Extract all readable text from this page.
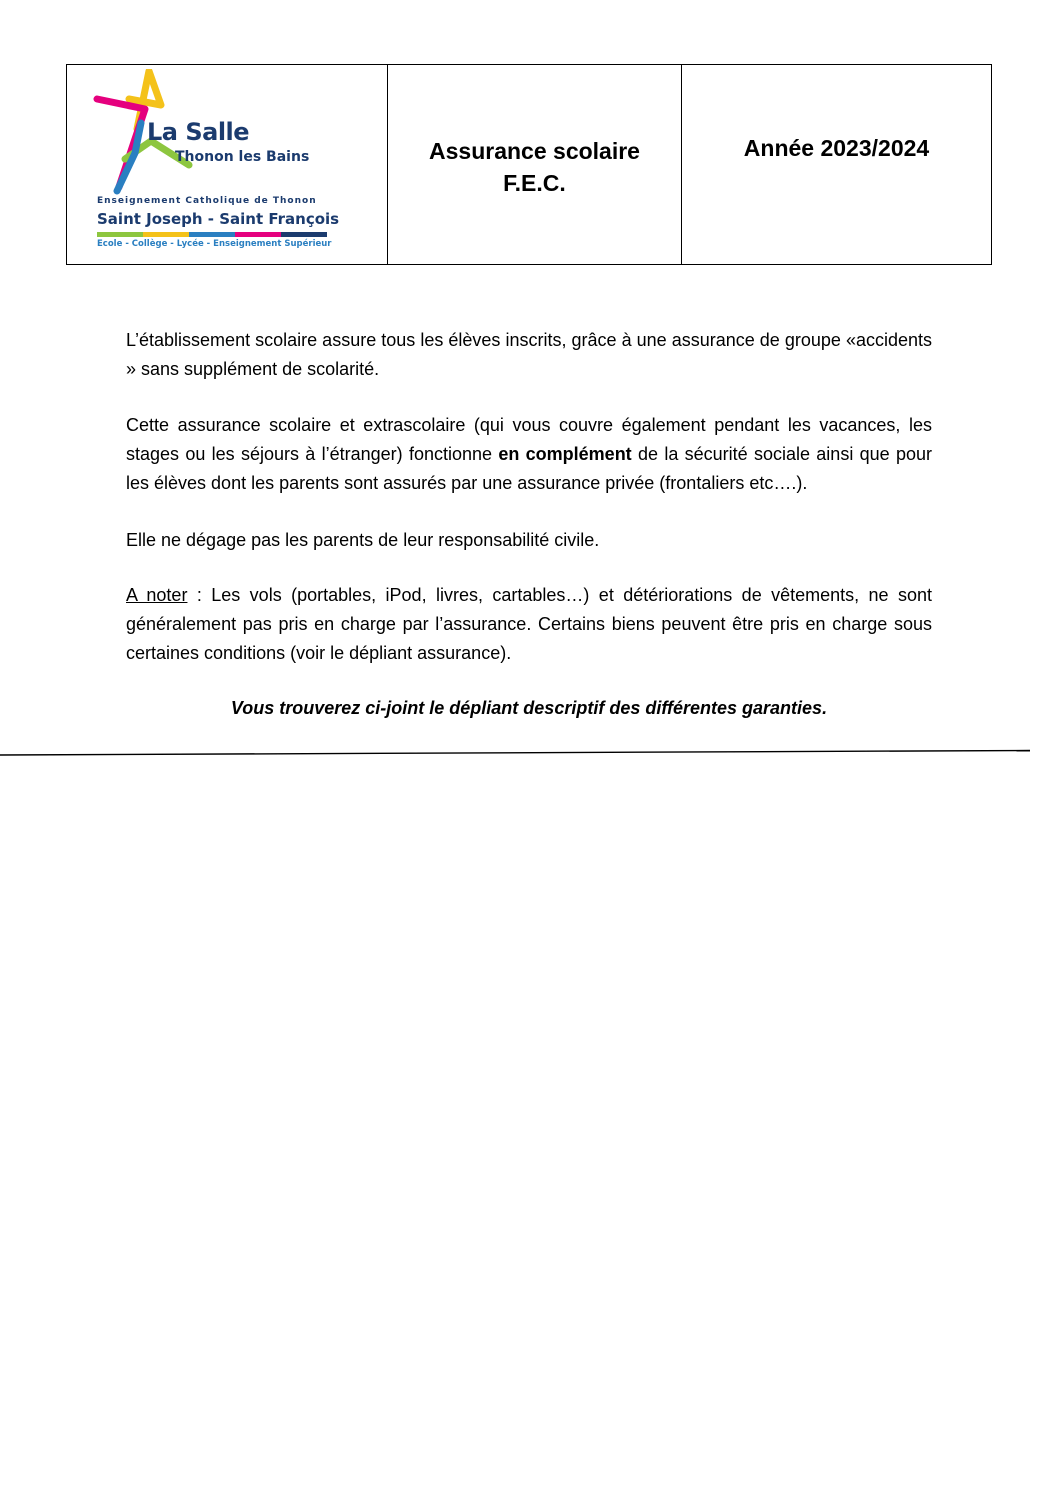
La Salle
Thonon les Bains
Enseignement Catholique de Thonon
Saint Joseph - Saint François
Ecole - Collège - Lycée - Enseignement Supérieur
Assurance scolaire
F.E.C.
Année 2023/2024
L’établissement scolaire assure tous les élèves inscrits, grâce à une assurance de groupe «accidents » sans supplément de scolarité.
Cette assurance scolaire et extrascolaire (qui vous couvre également pendant les vacances, les stages ou les séjours à l’étranger) fonctionne en complément de la sécurité sociale ainsi que pour les élèves dont les parents sont assurés par une assurance privée (frontaliers etc….).
Elle ne dégage pas les parents de leur responsabilité civile.
A noter : Les vols (portables, iPod, livres, cartables…) et détériorations de vêtements, ne sont généralement pas pris en charge par l’assurance. Certains biens peuvent être pris en charge sous certaines conditions (voir le dépliant assurance).
Vous trouverez ci-joint le dépliant descriptif des différentes garanties.
